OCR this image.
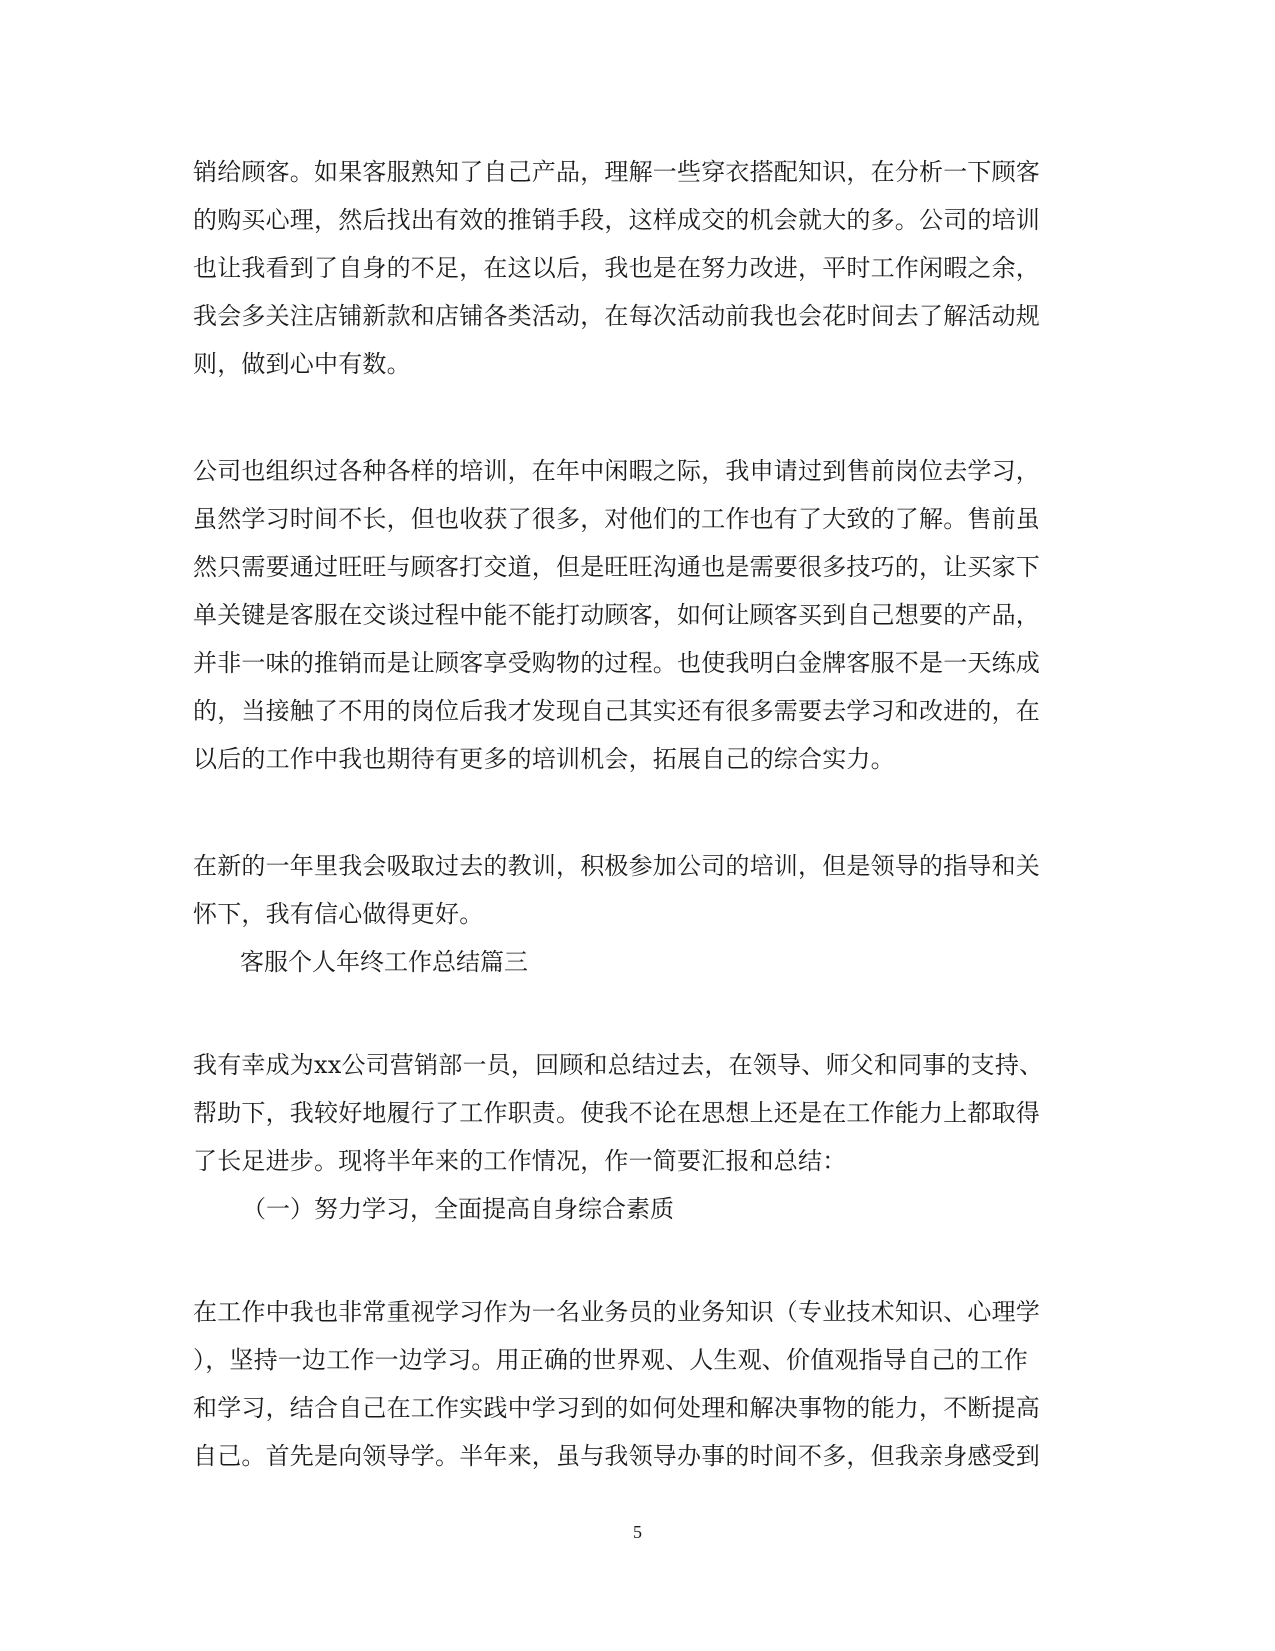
销给顾客。如果客服熟知了自己产品，理解一些穿衣搭配知识，在分析一下顾客
的购买心理，然后找出有效的推销手段，这样成交的机会就大的多。公司的培训
也让我看到了自身的不足，在这以后，我也是在努力改进，平时工作闲暇之余，
我会多关注店铺新款和店铺各类活动，在每次活动前我也会花时间去了解活动规
则，做到心中有数。
公司也组织过各种各样的培训，在年中闲暇之际，我申请过到售前岗位去学习，
虽然学习时间不长，但也收获了很多，对他们的工作也有了大致的了解。售前虽
然只需要通过旺旺与顾客打交道，但是旺旺沟通也是需要很多技巧的，让买家下
单关键是客服在交谈过程中能不能打动顾客，如何让顾客买到自己想要的产品，
并非一味的推销而是让顾客享受购物的过程。也使我明白金牌客服不是一天练成
的，当接触了不用的岗位后我才发现自己其实还有很多需要去学习和改进的，在
以后的工作中我也期待有更多的培训机会，拓展自己的综合实力。
在新的一年里我会吸取过去的教训，积极参加公司的培训，但是领导的指导和关
怀下，我有信心做得更好。
客服个人年终工作总结篇三
我有幸成为xx公司营销部一员，回顾和总结过去，在领导、师父和同事的支持、
帮助下，我较好地履行了工作职责。使我不论在思想上还是在工作能力上都取得
了长足进步。现将半年来的工作情况，作一简要汇报和总结：
（一）努力学习，全面提高自身综合素质
在工作中我也非常重视学习作为一名业务员的业务知识（专业技术知识、心理学
），坚持一边工作一边学习。用正确的世界观、人生观、价值观指导自己的工作
和学习，结合自己在工作实践中学习到的如何处理和解决事物的能力，不断提高
自己。首先是向领导学。半年来，虽与我领导办事的时间不多，但我亲身感受到
5
